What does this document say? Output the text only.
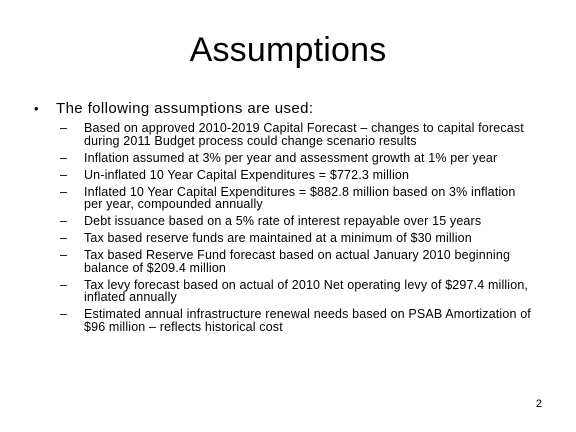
Assumptions
•	The following assumptions are used:
–	Based on approved 2010-2019 Capital Forecast – changes to capital forecast during 2011 Budget process could change scenario results
–	Inflation assumed at 3% per year and assessment growth at 1% per year
–	Un-inflated 10 Year Capital Expenditures = $772.3 million
–	Inflated 10 Year Capital Expenditures = $882.8 million based on 3% inflation per year, compounded annually
–	Debt issuance based on a 5% rate of interest repayable over 15 years
–	Tax based reserve funds are maintained at a minimum of $30 million
–	Tax based Reserve Fund forecast based on actual January 2010 beginning balance of $209.4 million
–	Tax levy forecast based on actual of 2010 Net operating levy of $297.4 million, inflated annually
–	Estimated annual infrastructure renewal needs based on PSAB Amortization of $96 million – reflects historical cost
2
